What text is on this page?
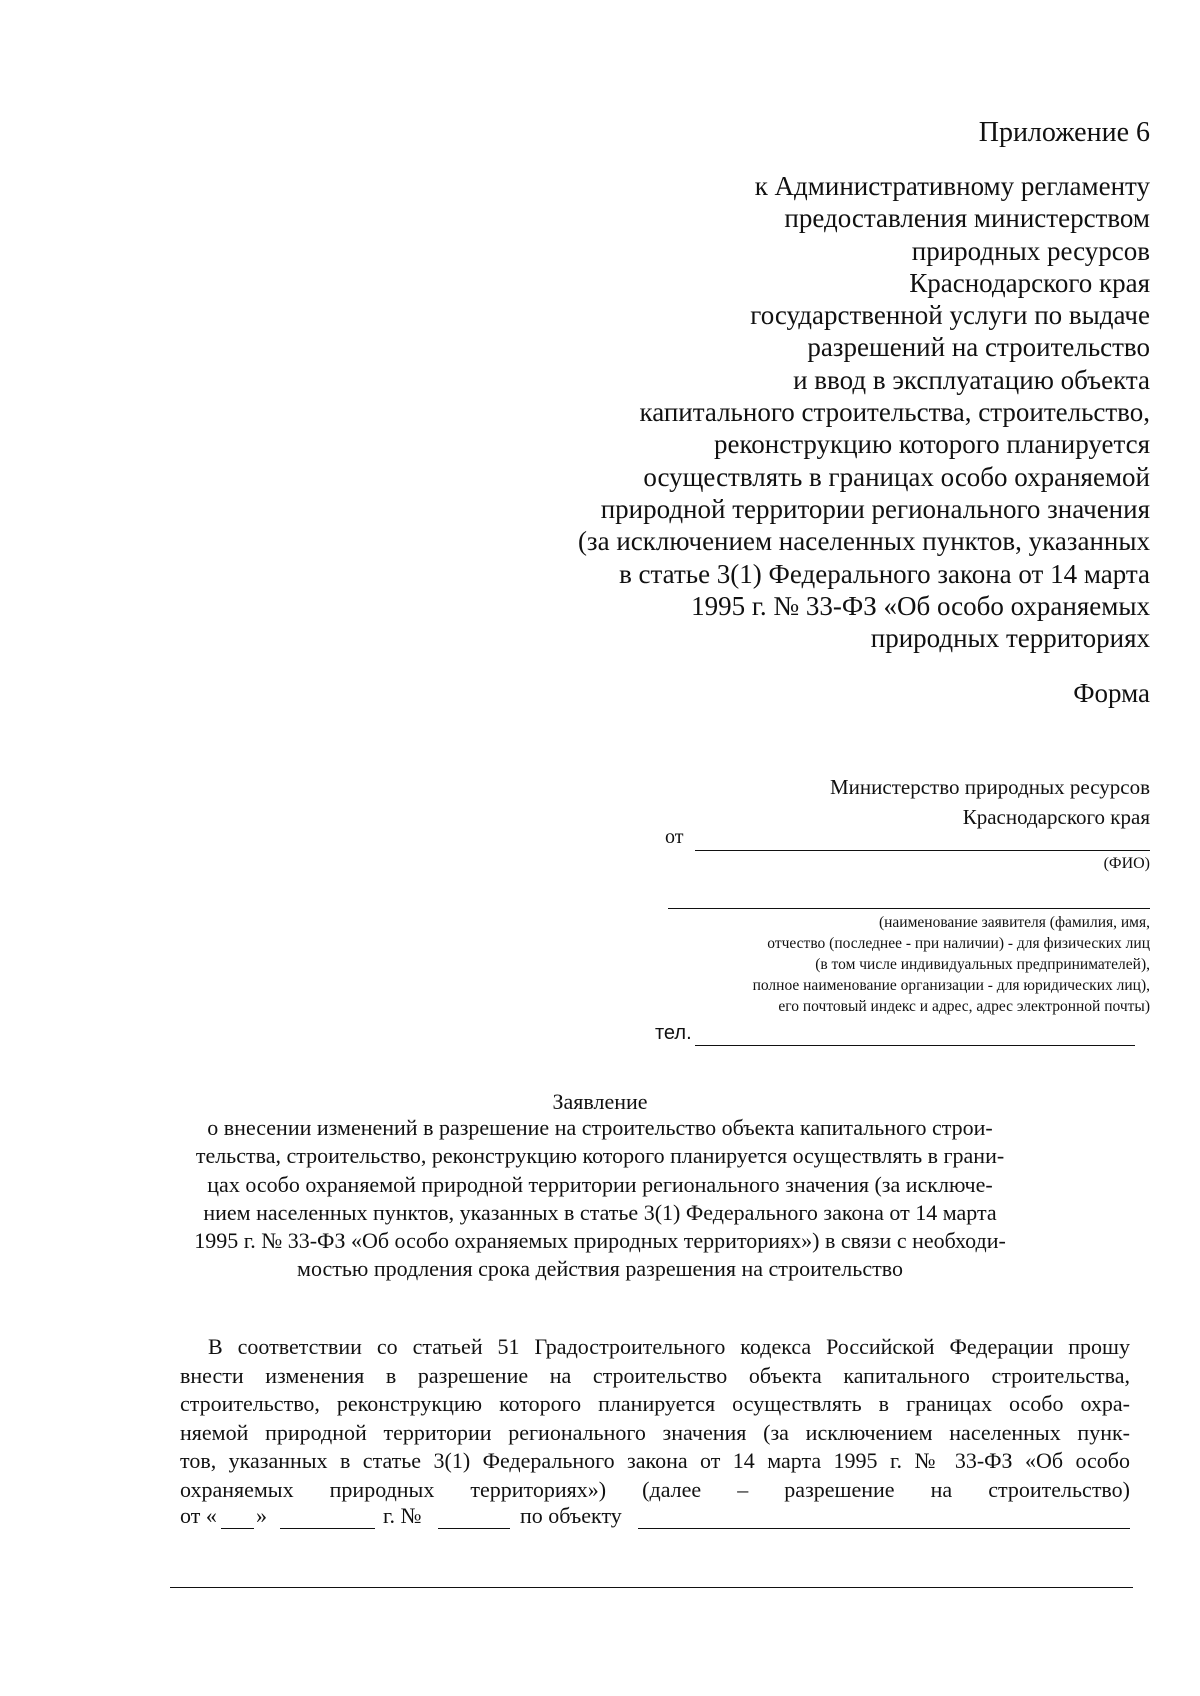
Приложение 6
к Административному регламенту
предоставления министерством
природных ресурсов
Краснодарского края
государственной услуги по выдаче
разрешений на строительство
и ввод в эксплуатацию объекта
капитального строительства, строительство,
реконструкцию которого планируется
осуществлять в границах особо охраняемой
природной территории регионального значения
(за исключением населенных пунктов, указанных
в статье 3(1) Федерального закона от 14 марта
1995 г. № 33-ФЗ «Об особо охраняемых
природных территориях
Форма
Министерство природных ресурсов
Краснодарского края
от
(ФИО)
(наименование заявителя (фамилия, имя,
отчество (последнее - при наличии) - для физических лиц
(в том числе индивидуальных предпринимателей),
полное наименование организации - для юридических лиц),
его почтовый индекс и адрес, адрес электронной почты)
тел.
Заявление
о внесении изменений в разрешение на строительство объекта капитального строи-
тельства, строительство, реконструкцию которого планируется осуществлять в грани-
цах особо охраняемой природной территории регионального значения (за исключе-
нием населенных пунктов, указанных в статье 3(1) Федерального закона от 14 марта
1995 г. № 33-ФЗ «Об особо охраняемых природных территориях») в связи с необходи-
мостью продления срока действия разрешения на строительство
В соответствии со статьей 51 Градостроительного кодекса Российской Федерации прошу
внести изменения в разрешение на строительство объекта капитального строительства,
строительство, реконструкцию которого планируется осуществлять в границах особо охра-
няемой природной территории регионального значения (за исключением населенных пунк-
тов, указанных в статье 3(1) Федерального закона от 14 марта 1995 г. № 33-ФЗ «Об особо
охраняемых природных территориях») (далее – разрешение на строительство)
от « »	г. №	по объекту
